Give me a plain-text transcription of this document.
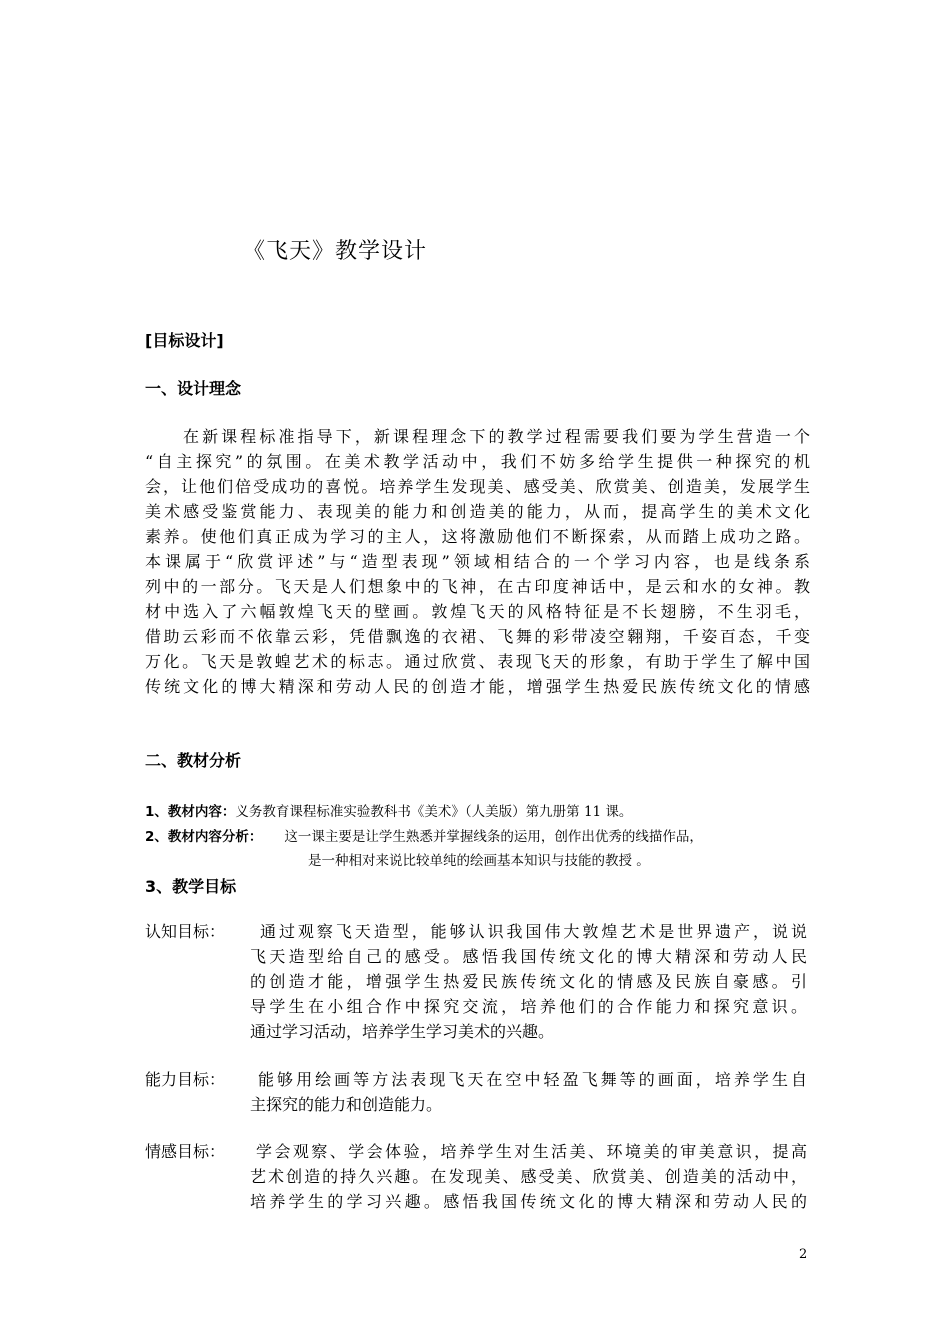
《飞天》教学设计
[目标设计]
一、设计理念
在新课程标准指导下，新课程理念下的教学过程需要我们要为学生营造一个
“自主探究”的氛围。在美术教学活动中，我们不妨多给学生提供一种探究的机
会，让他们倍受成功的喜悦。培养学生发现美、感受美、欣赏美、创造美，发展学生
美术感受鉴赏能力、表现美的能力和创造美的能力，从而，提高学生的美术文化
素养。使他们真正成为学习的主人，这将激励他们不断探索，从而踏上成功之路。
本课属于“欣赏评述”与“造型表现”领域相结合的一个学习内容，也是线条系
列中的一部分。飞天是人们想象中的飞神，在古印度神话中，是云和水的女神。教
材中选入了六幅敦煌飞天的壁画。敦煌飞天的风格特征是不长翅膀，不生羽毛，
借助云彩而不依靠云彩，凭借飘逸的衣裙、飞舞的彩带凌空翱翔，千姿百态，千变
万化。飞天是敦蝗艺术的标志。通过欣赏、表现飞天的形象，有助于学生了解中国
传统文化的博大精深和劳动人民的创造才能，增强学生热爱民族传统文化的情感
二、教材分析
1、教材内容：义务教育课程标准实验教科书《美术》（人美版）第九册第 11 课。
2、教材内容分析： 这一课主要是让学生熟悉并掌握线条的运用，创作出优秀的线描作品，
是一种相对来说比较单纯的绘画基本知识与技能的教授 。
3、教学目标
认知目标：	通过观察飞天造型，能够认识我国伟大敦煌艺术是世界遗产，说说
飞天造型给自己的感受。感悟我国传统文化的博大精深和劳动人民
的创造才能，增强学生热爱民族传统文化的情感及民族自豪感。引
导学生在小组合作中探究交流，培养他们的合作能力和探究意识。
通过学习活动，培养学生学习美术的兴趣。
能力目标：	能够用绘画等方法表现飞天在空中轻盈飞舞等的画面，培养学生自
主探究的能力和创造能力。
情感目标：	学会观察、学会体验，培养学生对生活美、环境美的审美意识，提高
艺术创造的持久兴趣。在发现美、感受美、欣赏美、创造美的活动中，
培养学生的学习兴趣。感悟我国传统文化的博大精深和劳动人民的
2
